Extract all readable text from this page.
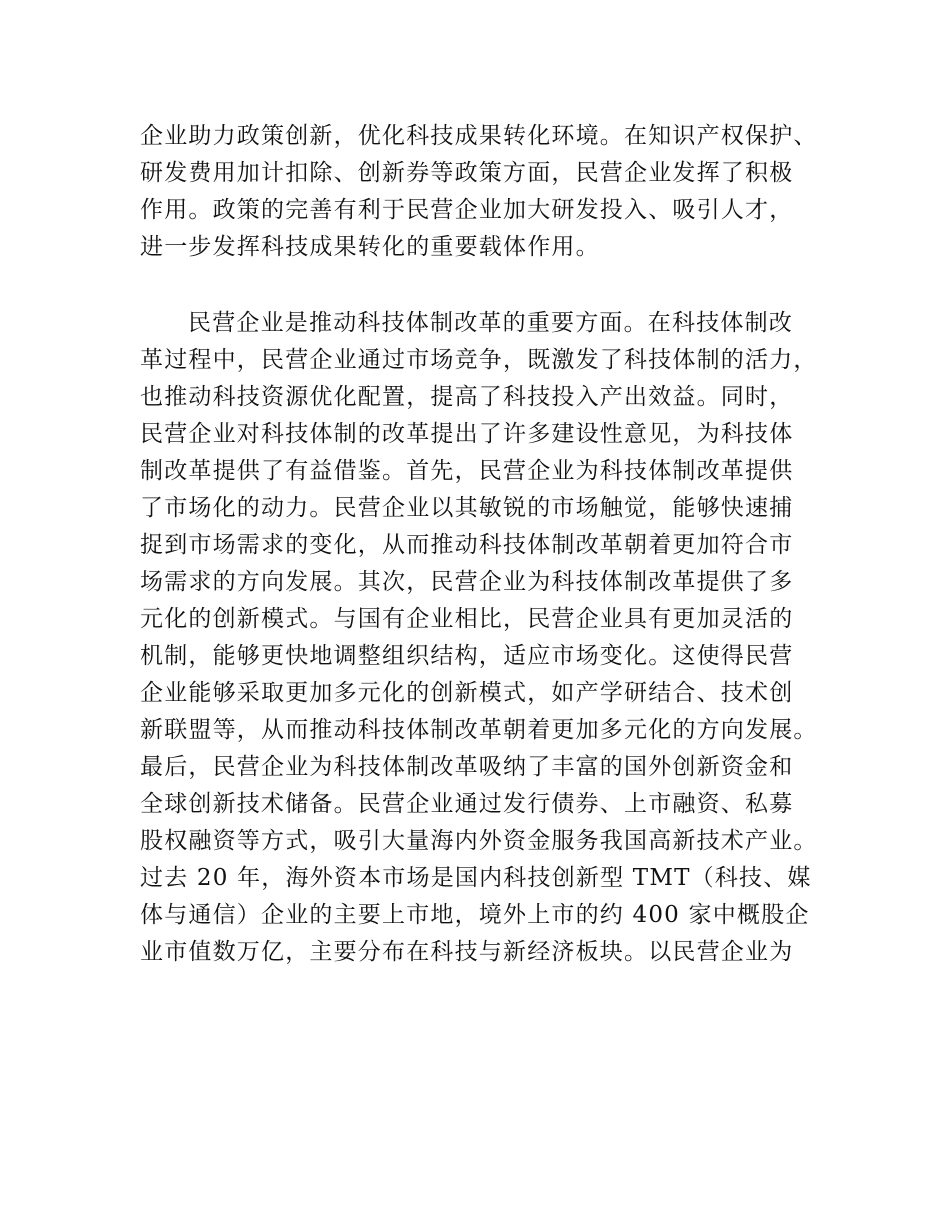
企业助力政策创新，优化科技成果转化环境。在知识产权保护、
研发费用加计扣除、创新券等政策方面，民营企业发挥了积极
作用。政策的完善有利于民营企业加大研发投入、吸引人才，
进一步发挥科技成果转化的重要载体作用。
民营企业是推动科技体制改革的重要方面。在科技体制改
革过程中，民营企业通过市场竞争，既激发了科技体制的活力，
也推动科技资源优化配置，提高了科技投入产出效益。同时，
民营企业对科技体制的改革提出了许多建设性意见，为科技体
制改革提供了有益借鉴。首先，民营企业为科技体制改革提供
了市场化的动力。民营企业以其敏锐的市场触觉，能够快速捕
捉到市场需求的变化，从而推动科技体制改革朝着更加符合市
场需求的方向发展。其次，民营企业为科技体制改革提供了多
元化的创新模式。与国有企业相比，民营企业具有更加灵活的
机制，能够更快地调整组织结构，适应市场变化。这使得民营
企业能够采取更加多元化的创新模式，如产学研结合、技术创
新联盟等，从而推动科技体制改革朝着更加多元化的方向发展。
最后，民营企业为科技体制改革吸纳了丰富的国外创新资金和
全球创新技术储备。民营企业通过发行债券、上市融资、私募
股权融资等方式，吸引大量海内外资金服务我国高新技术产业。
过去 20 年，海外资本市场是国内科技创新型 TMT（科技、媒
体与通信）企业的主要上市地，境外上市的约 400 家中概股企
业市值数万亿，主要分布在科技与新经济板块。以民营企业为
